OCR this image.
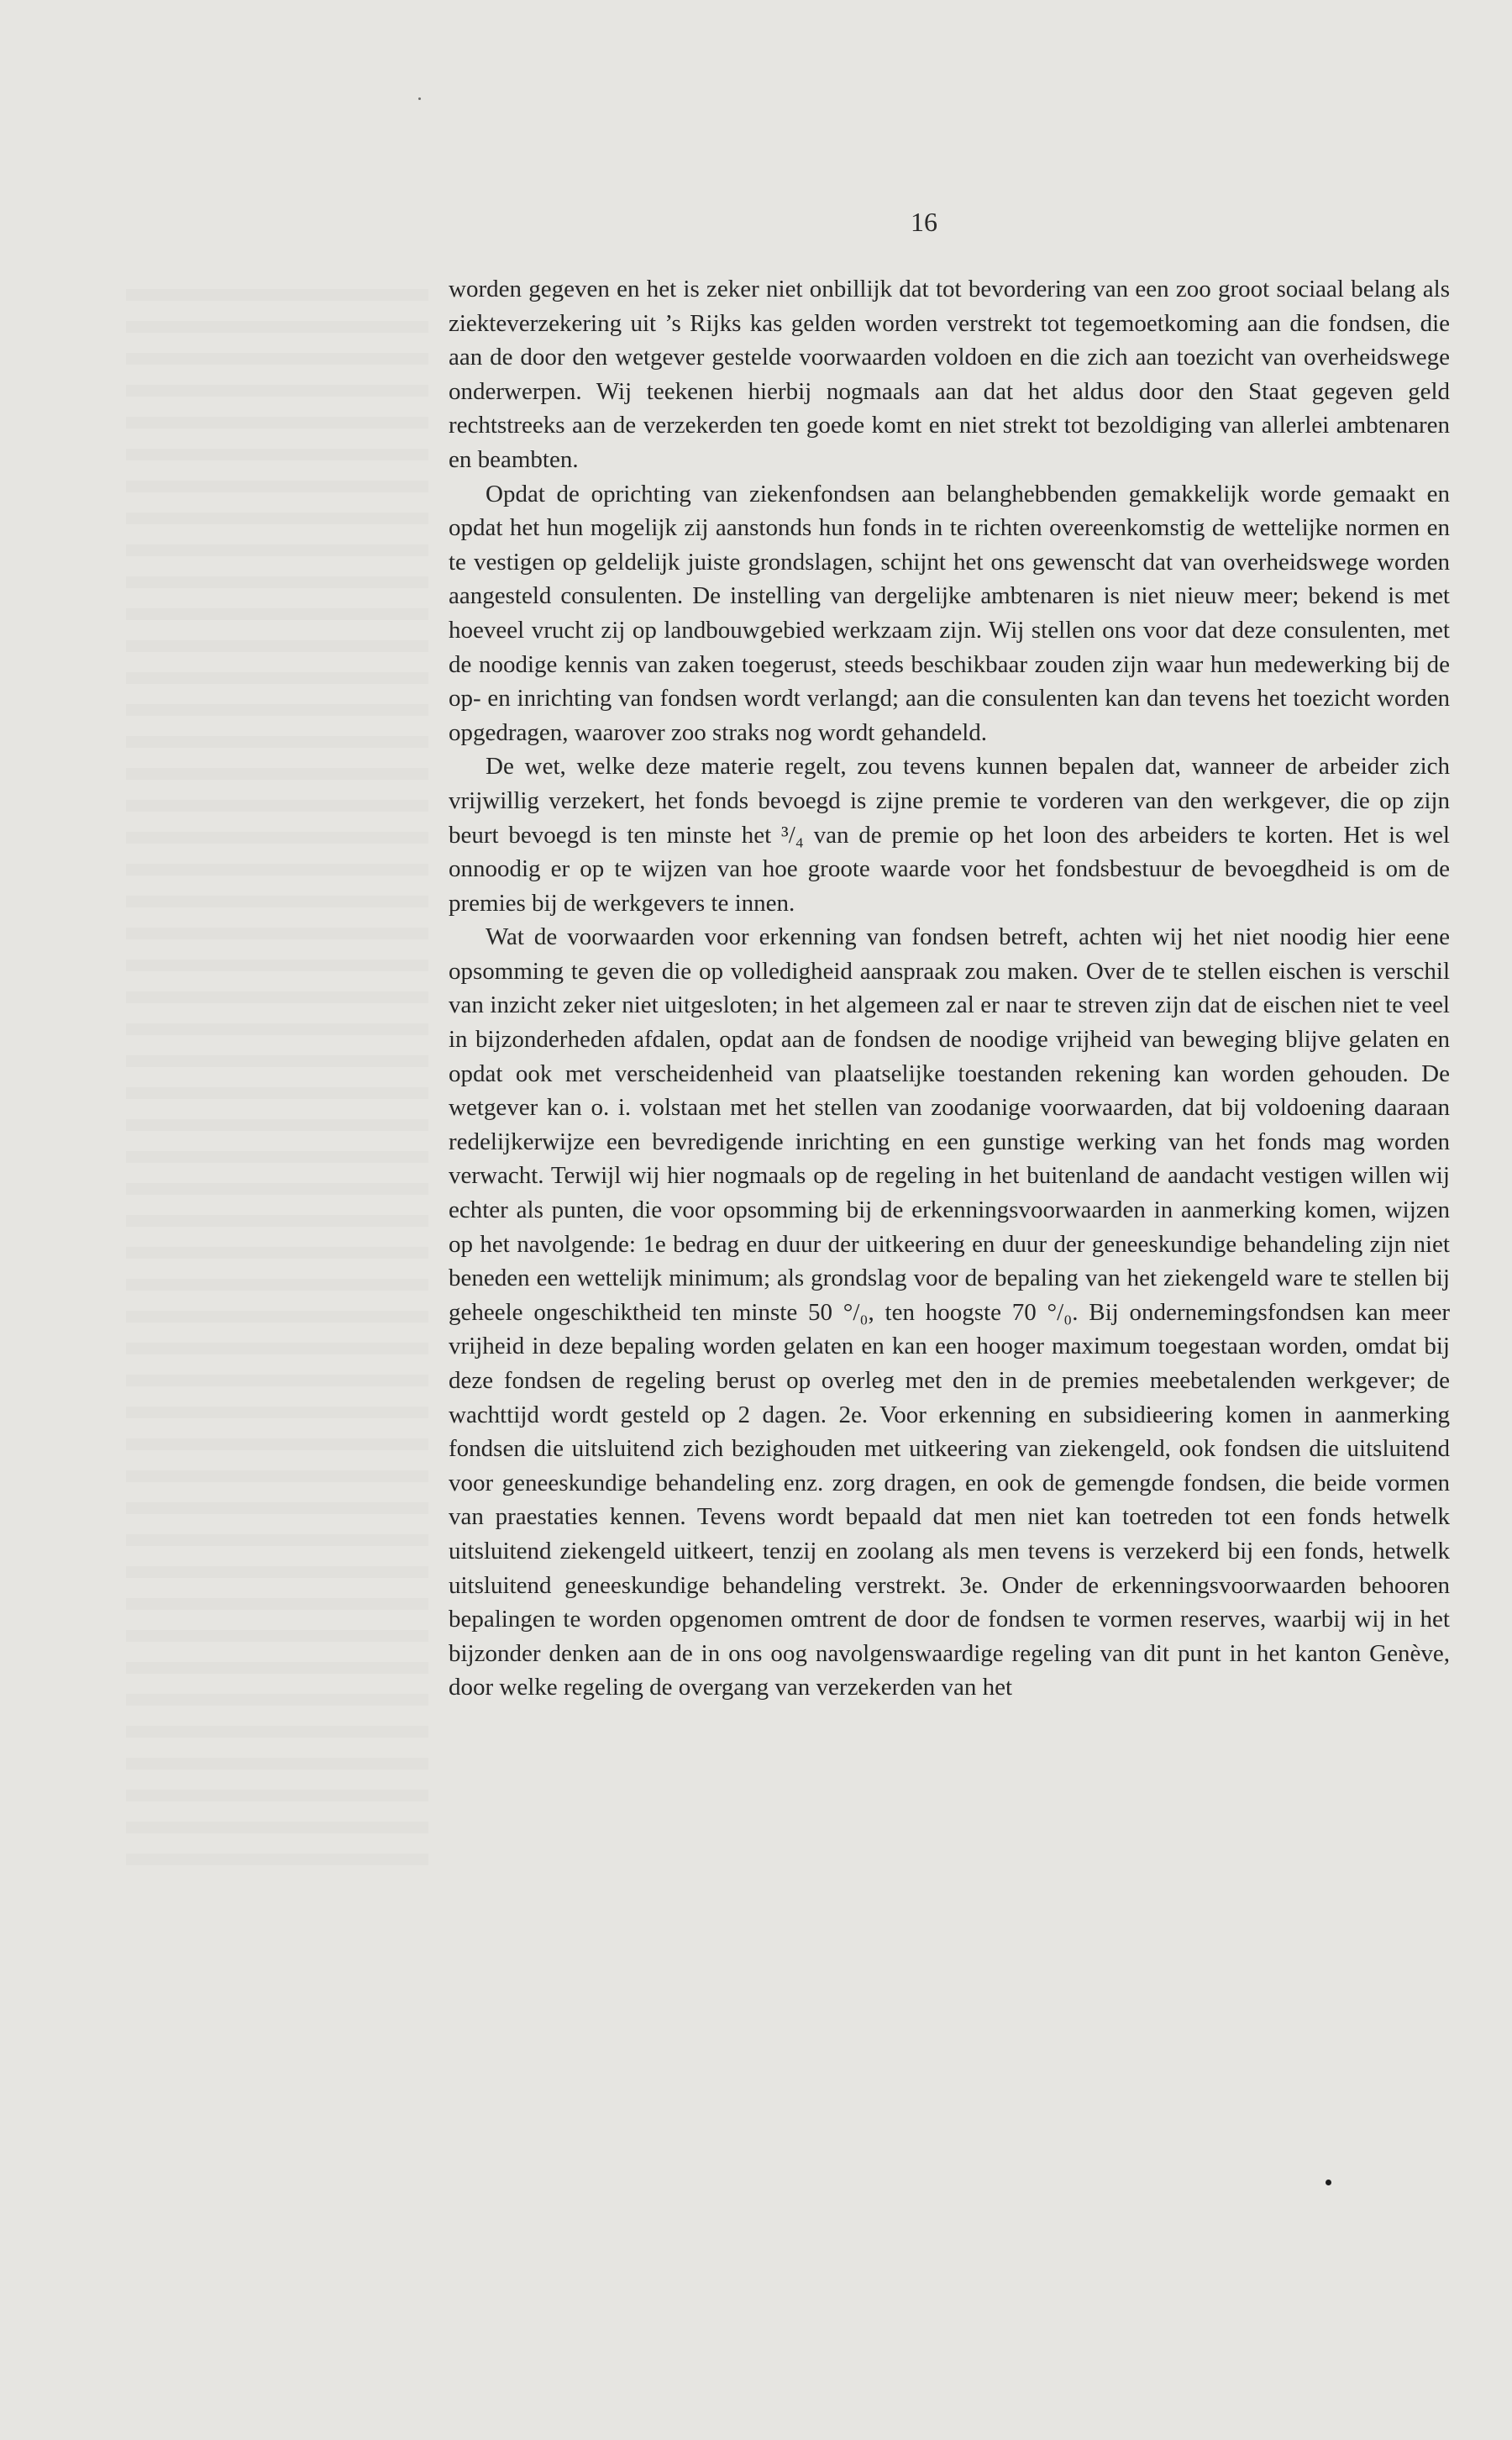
16

worden gegeven en het is zeker niet onbillijk dat tot bevordering van een zoo groot sociaal belang als ziekteverzekering uit ’s Rijks kas gelden worden verstrekt tot tegemoetkoming aan die fondsen, die aan de door den wetgever gestelde voorwaarden voldoen en die zich aan toezicht van overheidswege onderwerpen. Wij teekenen hierbij nogmaals aan dat het aldus door den Staat gegeven geld rechtstreeks aan de verzekerden ten goede komt en niet strekt tot bezoldiging van allerlei ambtenaren en beambten.

Opdat de oprichting van ziekenfondsen aan belanghebbenden gemakkelijk worde gemaakt en opdat het hun mogelijk zij aanstonds hun fonds in te richten overeenkomstig de wettelijke normen en te vestigen op geldelijk juiste grondslagen, schijnt het ons gewenscht dat van overheidswege worden aangesteld consulenten. De instelling van dergelijke ambtenaren is niet nieuw meer; bekend is met hoeveel vrucht zij op landbouwgebied werkzaam zijn. Wij stellen ons voor dat deze consulenten, met de noodige kennis van zaken toegerust, steeds beschikbaar zouden zijn waar hun medewerking bij de op- en inrichting van fondsen wordt verlangd; aan die consulenten kan dan tevens het toezicht worden opgedragen, waarover zoo straks nog wordt gehandeld.

De wet, welke deze materie regelt, zou tevens kunnen bepalen dat, wanneer de arbeider zich vrijwillig verzekert, het fonds bevoegd is zijne premie te vorderen van den werkgever, die op zijn beurt bevoegd is ten minste het ³/₄ van de premie op het loon des arbeiders te korten. Het is wel onnoodig er op te wijzen van hoe groote waarde voor het fondsbestuur de bevoegdheid is om de premies bij de werkgevers te innen.

Wat de voorwaarden voor erkenning van fondsen betreft, achten wij het niet noodig hier eene opsomming te geven die op volledigheid aanspraak zou maken. Over de te stellen eischen is verschil van inzicht zeker niet uitgesloten; in het algemeen zal er naar te streven zijn dat de eischen niet te veel in bijzonderheden afdalen, opdat aan de fondsen de noodige vrijheid van beweging blijve gelaten en opdat ook met verscheidenheid van plaatselijke toestanden rekening kan worden gehouden. De wetgever kan o. i. volstaan met het stellen van zoodanige voorwaarden, dat bij voldoening daaraan redelijkerwijze een bevredigende inrichting en een gunstige werking van het fonds mag worden verwacht. Terwijl wij hier nogmaals op de regeling in het buitenland de aandacht vestigen willen wij echter als punten, die voor opsomming bij de erkenningsvoorwaarden in aanmerking komen, wijzen op het navolgende: 1e bedrag en duur der uitkeering en duur der geneeskundige behandeling zijn niet beneden een wettelijk minimum; als grondslag voor de bepaling van het ziekengeld ware te stellen bij geheele ongeschiktheid ten minste 50 °/₀, ten hoogste 70 °/₀. Bij ondernemingsfondsen kan meer vrijheid in deze bepaling worden gelaten en kan een hooger maximum toegestaan worden, omdat bij deze fondsen de regeling berust op overleg met den in de premies meebetalenden werkgever; de wachttijd wordt gesteld op 2 dagen. 2e. Voor erkenning en subsidieering komen in aanmerking fondsen die uitsluitend zich bezighouden met uitkeering van ziekengeld, ook fondsen die uitsluitend voor geneeskundige behandeling enz. zorg dragen, en ook de gemengde fondsen, die beide vormen van praestaties kennen. Tevens wordt bepaald dat men niet kan toetreden tot een fonds hetwelk uitsluitend ziekengeld uitkeert, tenzij en zoolang als men tevens is verzekerd bij een fonds, hetwelk uitsluitend geneeskundige behandeling verstrekt. 3e. Onder de erkenningsvoorwaarden behooren bepalingen te worden opgenomen omtrent de door de fondsen te vormen reserves, waarbij wij in het bijzonder denken aan de in ons oog navolgenswaardige regeling van dit punt in het kanton Genève, door welke regeling de overgang van verzekerden van het
